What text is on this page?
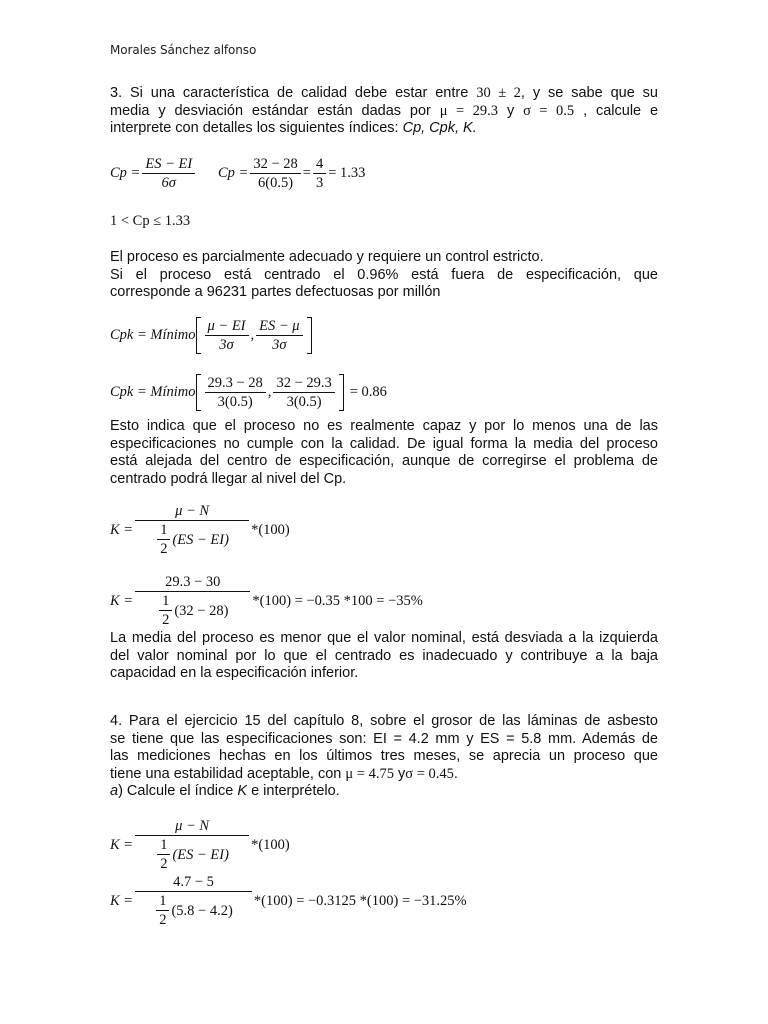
Morales Sánchez alfonso
3. Si una característica de calidad debe estar entre 30 ± 2, y se sabe que su
media y desviación estándar están dadas por μ = 29.3 y σ = 0.5 , calcule e
interprete con detalles los siguientes índices: Cp, Cpk, K.
$Cp = \frac{ES - EI}{6\sigma}$ $Cp = \frac{32 - 28}{6(0.5)} = \frac{4}{3} = 1.33$
1 < Cp ≤ 1.33
El proceso es parcialmente adecuado y requiere un control estricto.
Si el proceso está centrado el 0.96% está fuera de especificación, que
corresponde a 96231 partes defectuosas por millón
Cpk = Mínimo $\frac{\mu - EI}{3\sigma}$ , $\frac{ES - \mu}{3\sigma}$
Cpk = Mínimo $\frac{29.3 - 28}{3(0.5)}$ , $\frac{32 - 29.3}{3(0.5)} = 0.86$
Esto indica que el proceso no es realmente capaz y por lo menos una de las
especificaciones no cumple con la calidad. De igual forma la media del proceso
está alejada del centro de especificación, aunque de corregirse el problema de
centrado podrá llegar al nivel del Cp.
$K = \frac{\mu - N}{\frac{1}{2} (ES - EI)} *(100)$
$K = \frac{29.3 - 30}{\frac{1}{2} (32 - 28)} *(100) = -0.35$ *100 = −35%
La media del proceso es menor que el valor nominal, está desviada a la izquierda
del valor nominal por lo que el centrado es inadecuado y contribuye a la baja
capacidad en la especificación inferior.
4. Para el ejercicio 15 del capítulo 8, sobre el grosor de las láminas de asbesto
se tiene que las especificaciones son: EI = 4.2 mm y ES = 5.8 mm. Además de
las mediciones hechas en los últimos tres meses, se aprecia un proceso que
tiene una estabilidad aceptable, con μ = 4.75 yσ = 0.45.
a) Calcule el índice K e interprételo.
$K = \frac{\mu - N}{\frac{1}{2} (ES - EI)} *(100)$
$K = \frac{4.7 - 5}{\frac{1}{2} (5.8 - 4.2)} *(100) = -0.3125$ *(100) = −31.25%
